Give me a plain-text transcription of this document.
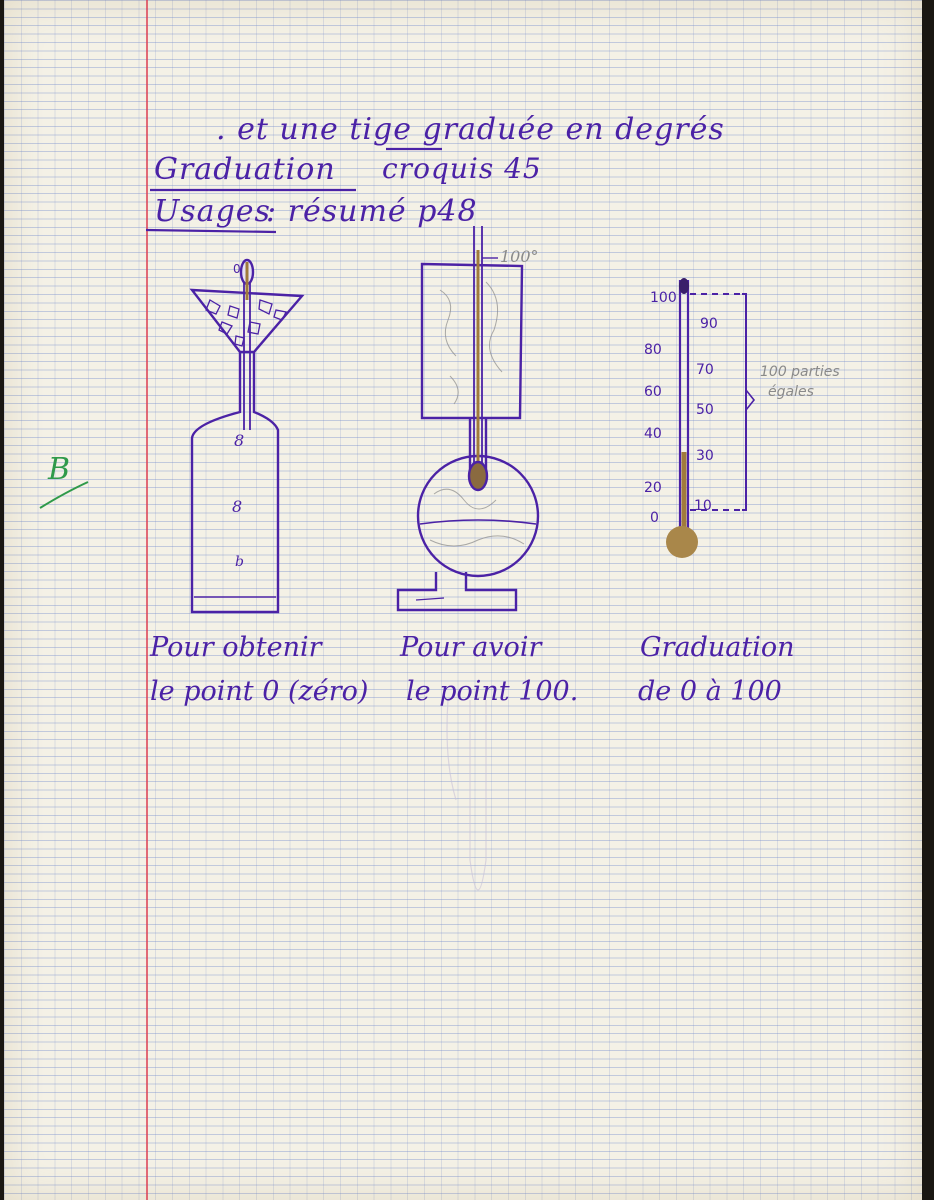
. et une tige graduée en degrés
Graduation croquis 45
Usages
: résumé p48
B
8
8
b
100°
100
80
60
40
20
0
90
70
50
30
10
100 parties
égales
0
Pour obtenir
le point 0 (zéro)
Pour avoir
le point 100.
Graduation
de 0 à 100
